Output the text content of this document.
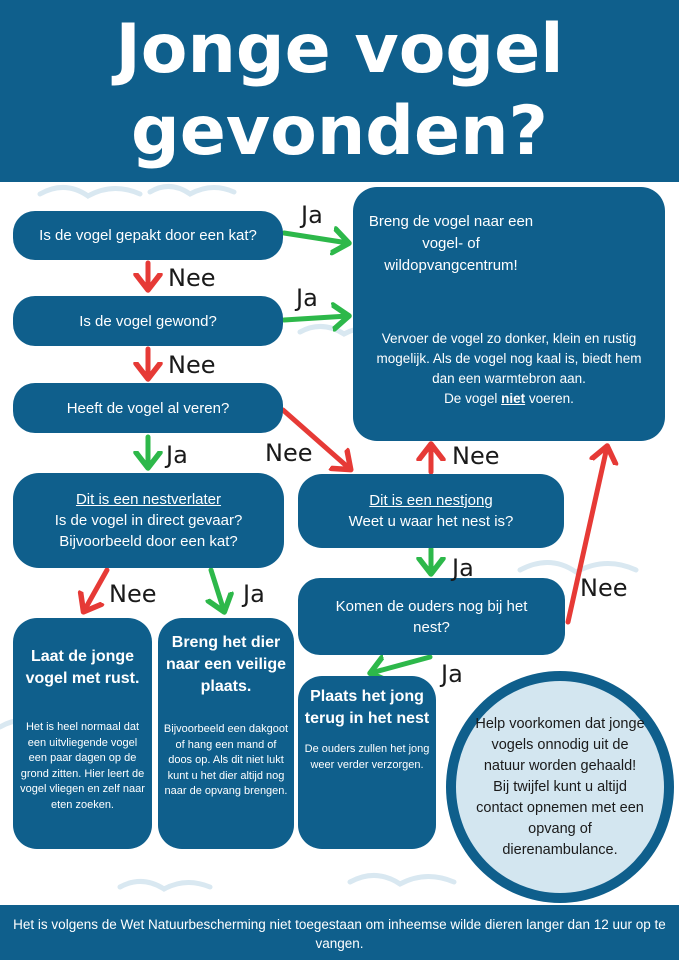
Jonge vogel
gevonden?
Is de vogel gepakt door een kat?
Is de vogel gewond?
Heeft de vogel al veren?
Dit is een nestverlater
Is de vogel in direct gevaar?
Bijvoorbeeld door een kat?
Dit is een nestjong
Weet u waar het nest is?
Komen de ouders nog bij het nest?
Breng de vogel naar een
vogel- of
wildopvangcentrum!
Vervoer de vogel zo donker, klein en rustig mogelijk. Als de vogel nog kaal is, biedt hem dan een warmtebron aan.
De vogel niet voeren.
Laat de jonge vogel met rust.
Het is heel normaal dat een uitvliegende vogel een paar dagen op de grond zitten. Hier leert de vogel vliegen en zelf naar eten zoeken.
Breng het dier naar een veilige plaats.
Bijvoorbeeld een dakgoot of hang een mand of doos op. Als dit niet lukt kunt u het dier altijd nog naar de opvang brengen.
Plaats het jong terug in het nest
De ouders zullen het jong weer verder verzorgen.
Help voorkomen dat jonge vogels onnodig uit de natuur worden gehaald! Bij twijfel kunt u altijd contact opnemen met een opvang of dierenambulance.
Ja
Nee
Ja
Nee
Ja	Nee	Nee
Ja
Nee
Ja
Nee	Ja
Het is volgens de Wet Natuurbescherming niet toegestaan om inheemse wilde dieren langer dan 12 uur op te vangen.
